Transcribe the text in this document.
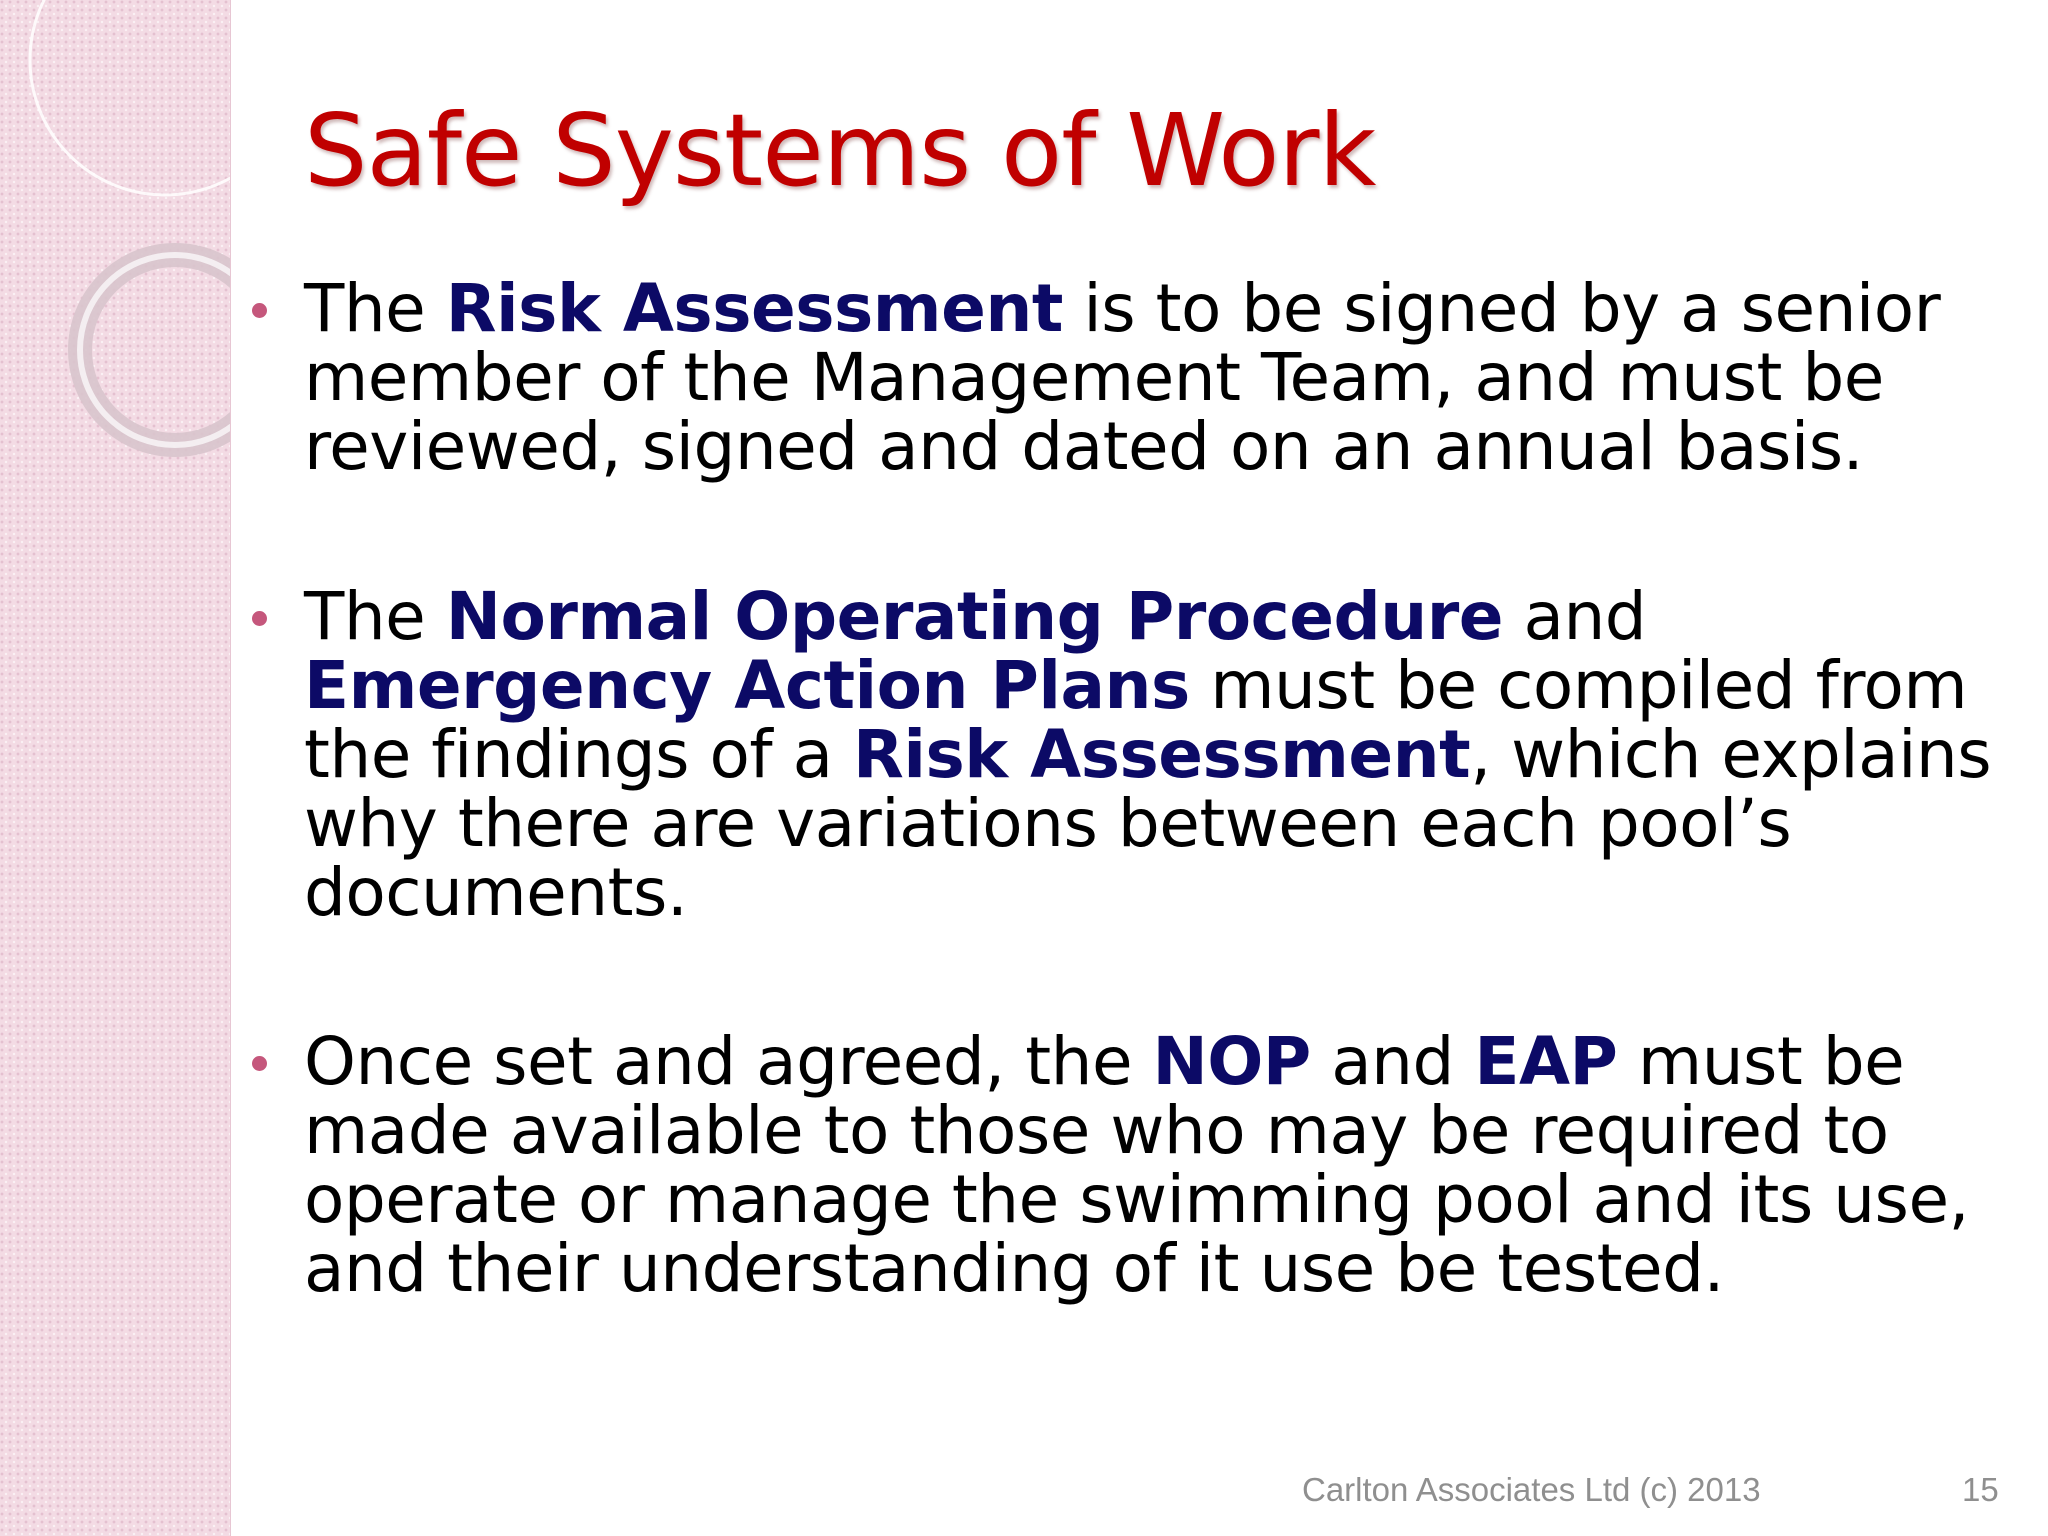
Safe Systems of Work
The Risk Assessment is to be signed by a senior
member of the Management Team, and must be
reviewed, signed and dated on an annual basis.
The Normal Operating Procedure and
Emergency Action Plans must be compiled from
the findings of a Risk Assessment, which explains
why there are variations between each pool’s
documents.
Once set and agreed, the NOP and EAP must be
made available to those who may be required to
operate or manage the swimming pool and its use,
and their understanding of it use be tested.
Carlton Associates Ltd (c) 2013	15
